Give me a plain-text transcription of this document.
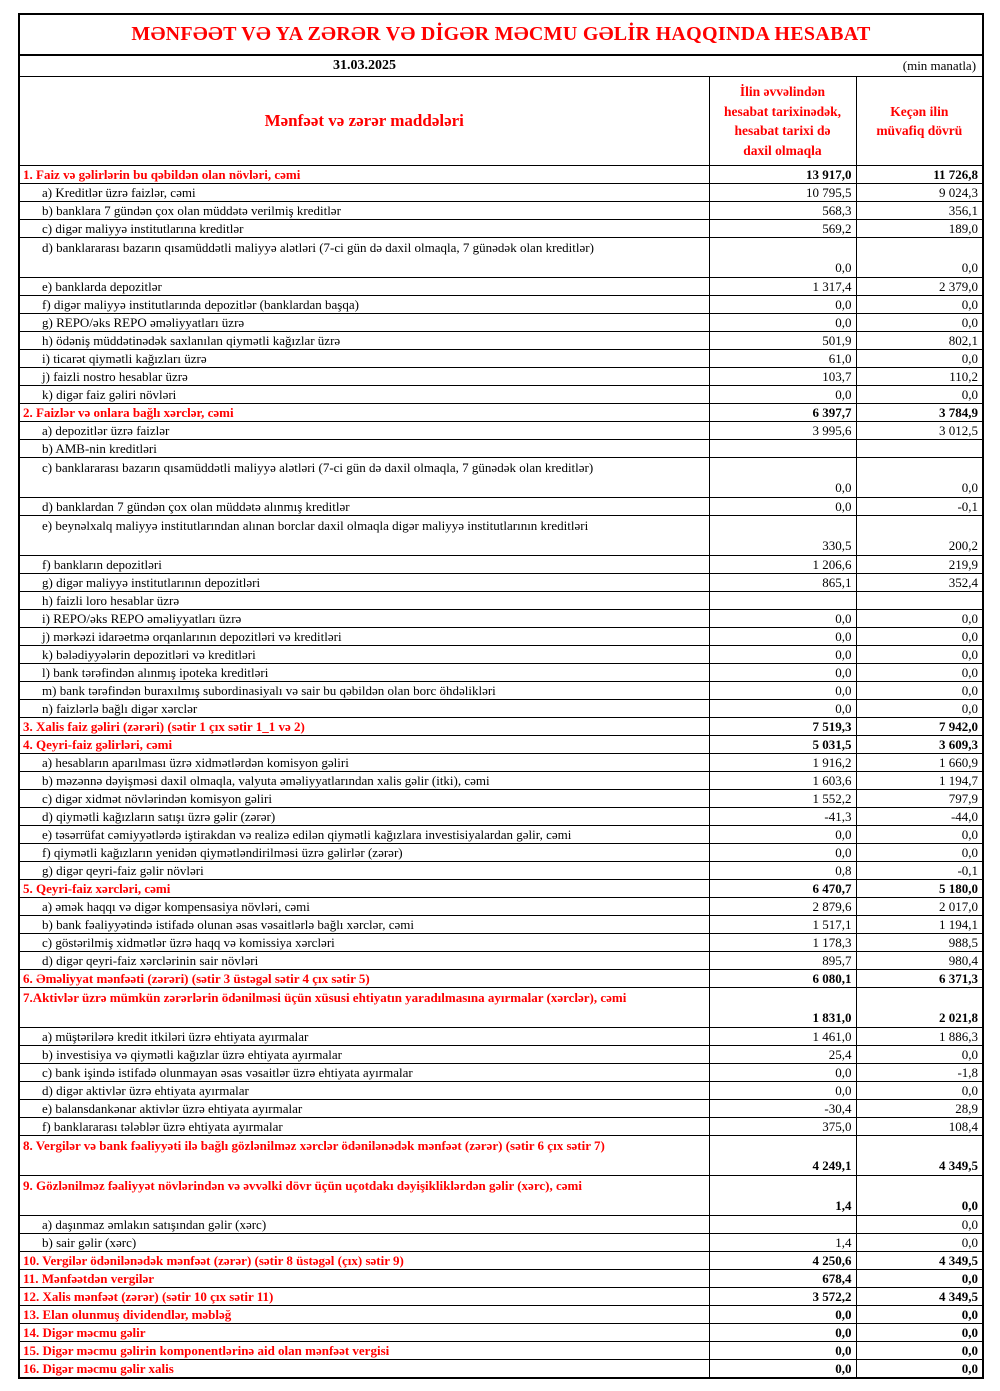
MƏNFƏƏT VƏ YA ZƏRƏR VƏ DİGƏR MƏCMU GƏLİR HAQQINDA HESABAT		
31.03.2025	(min manatla)	
Mənfəət və zərər maddələri	İlin əvvəlindən hesabat tarixinədək, hesabat tarixi də daxil olmaqla	Keçən ilin müvafiq dövrü
1. Faiz və gəlirlərin bu qəbildən olan növləri, cəmi	13 917,0	11 726,8
a) Kreditlər üzrə faizlər, cəmi	10 795,5	9 024,3
b) banklara 7 gündən çox olan müddətə verilmiş kreditlər	568,3	356,1
c) digər maliyyə institutlarına kreditlər	569,2	189,0
d) banklararası bazarın qısamüddətli maliyyə alətləri (7-ci gün də daxil olmaqla, 7 günədək olan kreditlər)	0,0	0,0
e) banklarda depozitlər	1 317,4	2 379,0
f) digər maliyyə institutlarında depozitlər (banklardan başqa)	0,0	0,0
g) REPO/əks REPO əməliyyatları üzrə	0,0	0,0
h) ödəniş müddətinədək saxlanılan qiymətli kağızlar üzrə	501,9	802,1
i) ticarət qiymətli kağızları üzrə	61,0	0,0
j) faizli nostro hesablar üzrə	103,7	110,2
k) digər faiz gəliri növləri	0,0	0,0
2. Faizlər və onlara bağlı xərclər, cəmi	6 397,7	3 784,9
a) depozitlər üzrə faizlər	3 995,6	3 012,5
b) AMB-nin kreditləri		
c) banklararası bazarın qısamüddətli maliyyə alətləri (7-ci gün də daxil olmaqla, 7 günədək olan kreditlər)	0,0	0,0
d) banklardan 7 gündən çox olan müddətə alınmış kreditlər	0,0	-0,1
e) beynəlxalq maliyyə institutlarından alınan borclar daxil olmaqla digər maliyyə institutlarının kreditləri	330,5	200,2
f) bankların depozitləri	1 206,6	219,9
g) digər maliyyə institutlarının depozitləri	865,1	352,4
h) faizli loro hesablar üzrə		
i) REPO/əks REPO əməliyyatları üzrə	0,0	0,0
j) mərkəzi idarəetmə orqanlarının depozitləri və kreditləri	0,0	0,0
k) bələdiyyələrin depozitləri və kreditləri	0,0	0,0
l) bank tərəfindən alınmış ipoteka kreditləri	0,0	0,0
m) bank tərəfindən buraxılmış subordinasiyalı və sair bu qəbildən olan borc öhdəlikləri	0,0	0,0
n) faizlərlə bağlı digər xərclər	0,0	0,0
3. Xalis faiz gəliri (zərəri) (sətir 1 çıx sətir 1_1 və 2)	7 519,3	7 942,0
4. Qeyri-faiz gəlirləri, cəmi	5 031,5	3 609,3
a) hesabların aparılması üzrə xidmətlərdən komisyon gəliri	1 916,2	1 660,9
b) məzənnə dəyişməsi daxil olmaqla, valyuta əməliyyatlarından xalis gəlir (itki), cəmi	1 603,6	1 194,7
c) digər xidmət növlərindən komisyon gəliri	1 552,2	797,9
d) qiymətli kağızların satışı üzrə gəlir (zərər)	-41,3	-44,0
e) təsərrüfat cəmiyyətlərdə iştirakdan və realizə edilən qiymətli kağızlara investisiyalardan gəlir, cəmi	0,0	0,0
f) qiymətli kağızların yenidən qiymətləndirilməsi üzrə gəlirlər (zərər)	0,0	0,0
g) digər qeyri-faiz gəlir növləri	0,8	-0,1
5. Qeyri-faiz xərcləri, cəmi	6 470,7	5 180,0
a) əmək haqqı və digər kompensasiya növləri, cəmi	2 879,6	2 017,0
b) bank fəaliyyətində istifadə olunan əsas vəsaitlərlə bağlı xərclər, cəmi	1 517,1	1 194,1
c) göstərilmiş xidmətlər üzrə haqq və komissiya xərcləri	1 178,3	988,5
d) digər qeyri-faiz xərclərinin sair növləri	895,7	980,4
6. Əməliyyat mənfəəti (zərəri) (sətir 3 üstəgəl sətir 4 çıx sətir 5)	6 080,1	6 371,3
7.Aktivlər üzrə mümkün zərərlərin ödənilməsi üçün xüsusi ehtiyatın yaradılmasına ayırmalar (xərclər), cəmi	1 831,0	2 021,8
a) müştərilərə kredit itkiləri üzrə ehtiyata ayırmalar	1 461,0	1 886,3
b) investisiya və qiymətli kağızlar üzrə ehtiyata ayırmalar	25,4	0,0
c) bank işində istifadə olunmayan əsas vəsaitlər üzrə ehtiyata ayırmalar	0,0	-1,8
d) digər aktivlər üzrə ehtiyata ayırmalar	0,0	0,0
e) balansdankənar aktivlər üzrə ehtiyata ayırmalar	-30,4	28,9
f) banklararası tələblər üzrə ehtiyata ayırmalar	375,0	108,4
8. Vergilər və bank fəaliyyəti ilə bağlı gözlənilməz xərclər ödənilənədək mənfəət (zərər) (sətir 6 çıx sətir 7)	4 249,1	4 349,5
9. Gözlənilməz fəaliyyət növlərindən və əvvəlki dövr üçün uçotdakı dəyişikliklərdən gəlir (xərc), cəmi	1,4	0,0
a) daşınmaz əmlakın satışından gəlir (xərc)		0,0
b) sair gəlir (xərc)	1,4	0,0
10. Vergilər ödənilənədək mənfəət (zərər) (sətir 8 üstəgəl (çıx) sətir 9)	4 250,6	4 349,5
11. Mənfəətdən vergilər	678,4	0,0
12. Xalis mənfəət (zərər) (sətir 10 çıx sətir 11)	3 572,2	4 349,5
13. Elan olunmuş dividendlər, məbləğ	0,0	0,0
14. Digər məcmu gəlir	0,0	0,0
15. Digər məcmu gəlirin komponentlərinə aid olan mənfəət vergisi	0,0	0,0
16. Digər məcmu gəlir xalis	0,0	0,0
